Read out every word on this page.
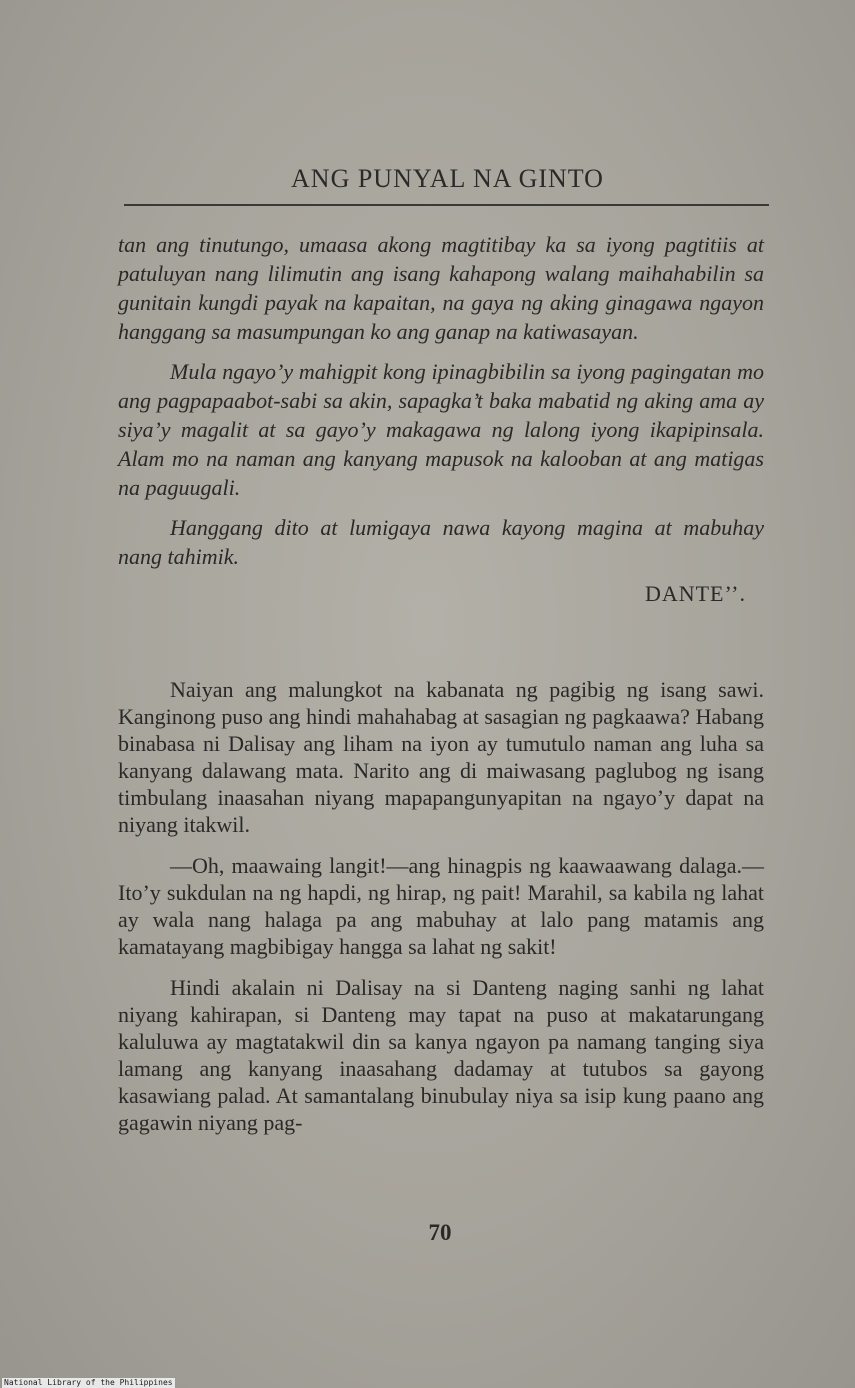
ANG PUNYAL NA GINTO

tan ang tinutungo, umaasa akong magtitibay ka sa iyong pagtitiis at patuluyan nang lilimutin ang isang kahapong walang maihahabilin sa gunitain kungdi payak na kapaitan, na gaya ng aking ginagawa ngayon hanggang sa masumpungan ko ang ganap na katiwasayan.

Mula ngayo’y mahigpit kong ipinagbibilin sa iyong pagingatan mo ang pagpapaabot-sabi sa akin, sapagka’t baka mabatid ng aking ama ay siya’y magalit at sa gayo’y makagawa ng lalong iyong ikapipinsala. Alam mo na naman ang kanyang mapusok na kalooban at ang matigas na paguugali.

Hanggang dito at lumigaya nawa kayong magina at mabuhay nang tahimik.

DANTE’’.

Naiyan ang malungkot na kabanata ng pagibig ng isang sawi. Kanginong puso ang hindi mahahabag at sasagian ng pagkaawa? Habang binabasa ni Dalisay ang liham na iyon ay tumutulo naman ang luha sa kanyang dalawang mata. Narito ang di maiwasang paglubog ng isang timbulang inaasahan niyang mapapangunyapitan na ngayo’y dapat na niyang itakwil.

—Oh, maawaing langit!—ang hinagpis ng kaawaawang dalaga.—Ito’y sukdulan na ng hapdi, ng hirap, ng pait! Marahil, sa kabila ng lahat ay wala nang halaga pa ang mabuhay at lalo pang matamis ang kamatayang magbibigay hangga sa lahat ng sakit!

Hindi akalain ni Dalisay na si Danteng naging sanhi ng lahat niyang kahirapan, si Danteng may tapat na puso at makatarungang kaluluwa ay magtatakwil din sa kanya ngayon pa namang tanging siya lamang ang kanyang inaasahang dadamay at tutubos sa gayong kasawiang palad. At samantalang binubulay niya sa isip kung paano ang gagawin niyang pag-

70
National Library of the Philippines
